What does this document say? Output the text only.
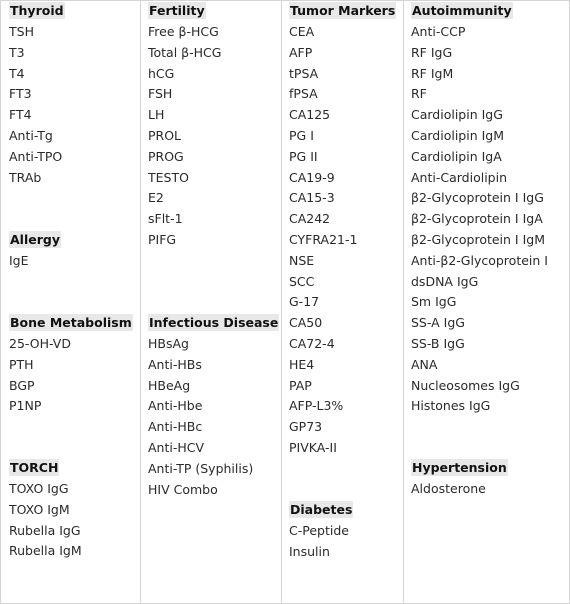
Thyroid
TSH
T3
T4
FT3
FT4
Anti-Tg
Anti-TPO
TRAb
Allergy
IgE
Bone Metabolism
25-OH-VD
PTH
BGP
P1NP
TORCH
TOXO IgG
TOXO IgM
Rubella IgG
Rubella IgM
Fertility
Free β-HCG
Total β-HCG
hCG
FSH
LH
PROL
PROG
TESTO
E2
sFlt-1
PIFG
Infectious Disease
HBsAg
Anti-HBs
HBeAg
Anti-Hbe
Anti-HBc
Anti-HCV
Anti-TP (Syphilis)
HIV Combo
Tumor Markers
CEA
AFP
tPSA
fPSA
CA125
PG I
PG II
CA19-9
CA15-3
CA242
CYFRA21-1
NSE
SCC
G-17
CA50
CA72-4
HE4
PAP
AFP-L3%
GP73
PIVKA-II
Diabetes
C-Peptide
Insulin
Autoimmunity
Anti-CCP
RF IgG
RF IgM
RF
Cardiolipin IgG
Cardiolipin IgM
Cardiolipin IgA
Anti-Cardiolipin
β2-Glycoprotein I IgG
β2-Glycoprotein I IgA
β2-Glycoprotein I IgM
Anti-β2-Glycoprotein I
dsDNA IgG
Sm IgG
SS-A IgG
SS-B IgG
ANA
Nucleosomes IgG
Histones IgG
Hypertension
Aldosterone
